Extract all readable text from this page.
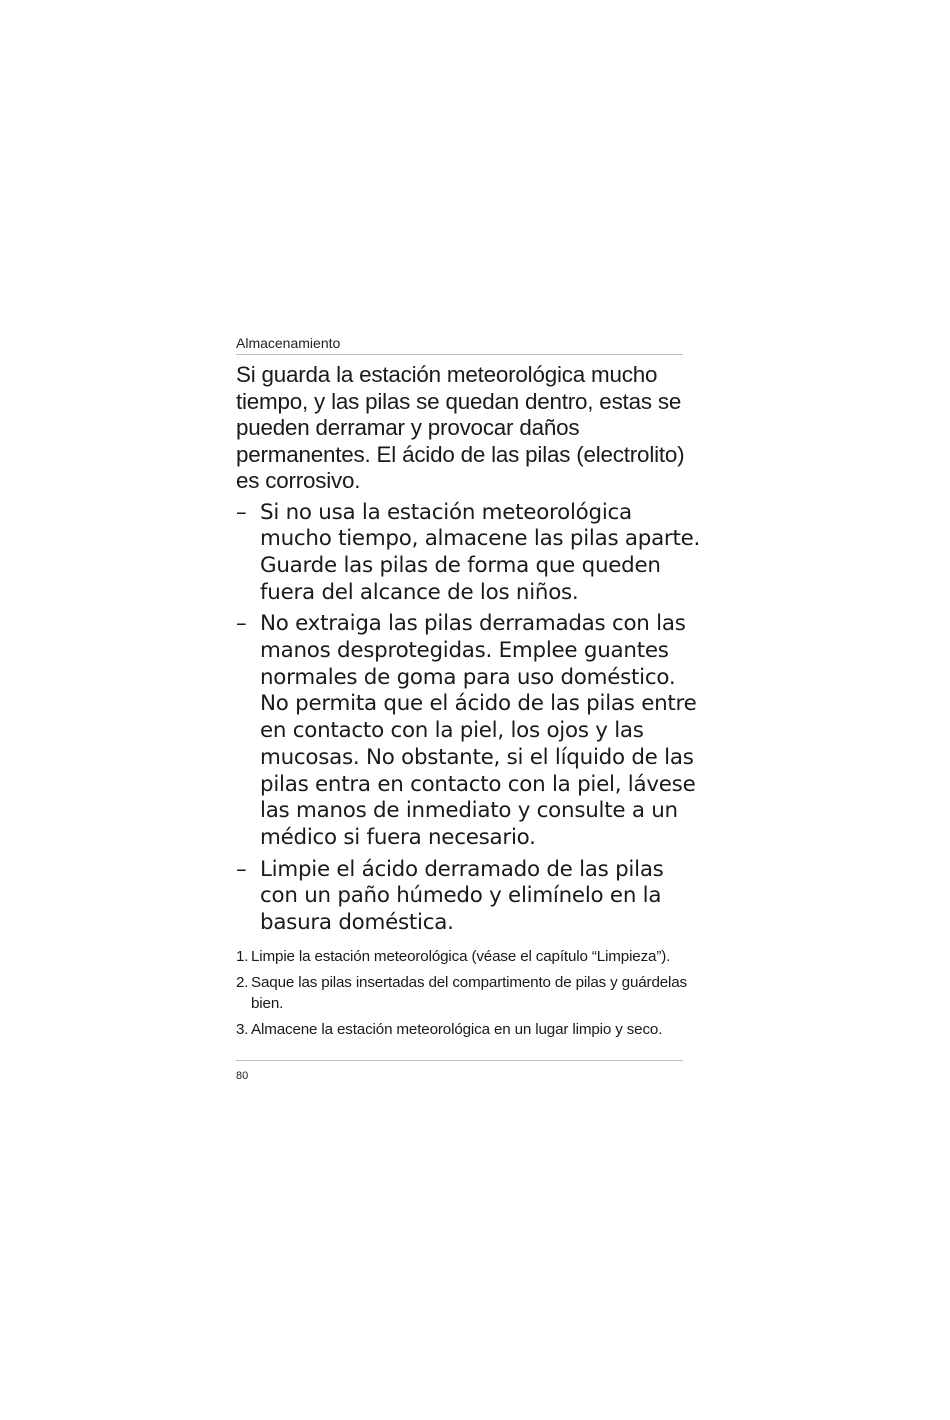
Almacenamiento
Si guarda la estación meteorológica mucho tiempo, y las pilas se quedan dentro, estas se pueden derramar y provocar daños permanentes. El ácido de las pilas (electrolito) es corrosivo.
– Si no usa la estación meteorológica mucho tiempo, almacene las pilas aparte. Guarde las pilas de forma que queden fuera del alcance de los niños.
– No extraiga las pilas derramadas con las manos desprotegidas. Emplee guantes normales de goma para uso doméstico. No permita que el ácido de las pilas entre en contacto con la piel, los ojos y las mucosas. No obstante, si el líquido de las pilas entra en contacto con la piel, lávese las manos de inmediato y consulte a un médico si fuera necesario.
– Limpie el ácido derramado de las pilas con un paño húmedo y elimínelo en la basura doméstica.
1. Limpie la estación meteorológica (véase el capítulo “Limpieza”).
2. Saque las pilas insertadas del compartimento de pilas y guárdelas bien.
3. Almacene la estación meteorológica en un lugar limpio y seco.
80
